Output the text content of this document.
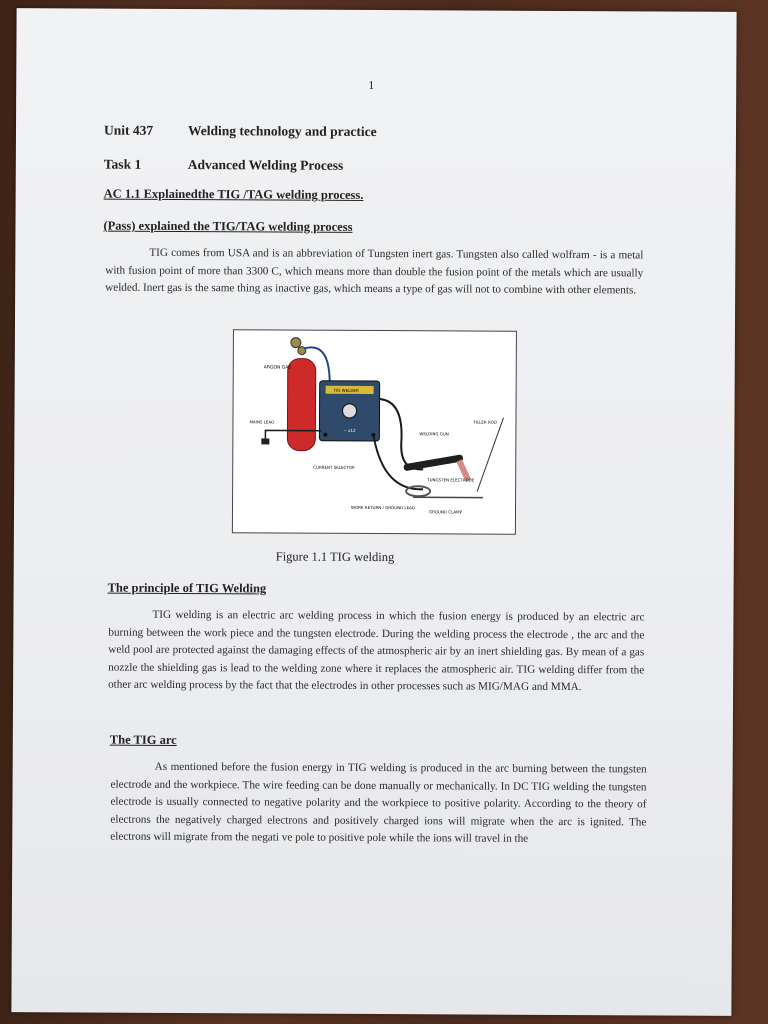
1
Unit 437	Welding technology and practice
Task 1	Advanced Welding Process
AC 1.1 Explainedthe TIG /TAG welding process.
(Pass) explained the TIG/TAG welding process
TIG comes from USA and is an abbreviation of Tungsten inert gas. Tungsten also called wolfram - is a metal with fusion point of more than 3300 C, which means more than double the fusion point of the metals which are usually welded. Inert gas is the same thing as inactive gas, which means a type of gas will not to combine with other elements.
ARGON GAS
TIG WELDER
~ x12
MAINS LEAD
CURRENT SELECTOR
WELDING GUN
FILLER ROD
TUNGSTEN ELECTRODE
WORK RETURN / GROUND LEAD
GROUND CLAMP
Figure 1.1 TIG welding
The principle of TIG Welding
TIG welding is an electric arc welding process in which the fusion energy is produced by an electric arc burning between the work piece and the tungsten electrode. During the welding process the electrode , the arc and the weld pool are protected against the damaging effects of the atmospheric air by an inert shielding gas. By mean of a gas nozzle the shielding gas is lead to the welding zone where it replaces the atmospheric air. TIG welding differ from the other arc welding process by the fact that the electrodes in other processes such as MIG/MAG and MMA.
The TIG arc
As mentioned before the fusion energy in TIG welding is produced in the arc burning between the tungsten electrode and the workpiece. The wire feeding can be done manually or mechanically. In DC TIG welding the tungsten electrode is usually connected to negative polarity and the workpiece to positive polarity. According to the theory of electrons the negatively charged electrons and positively charged ions will migrate when the arc is ignited. The electrons will migrate from the negati ve pole to positive pole while the ions will travel in the
